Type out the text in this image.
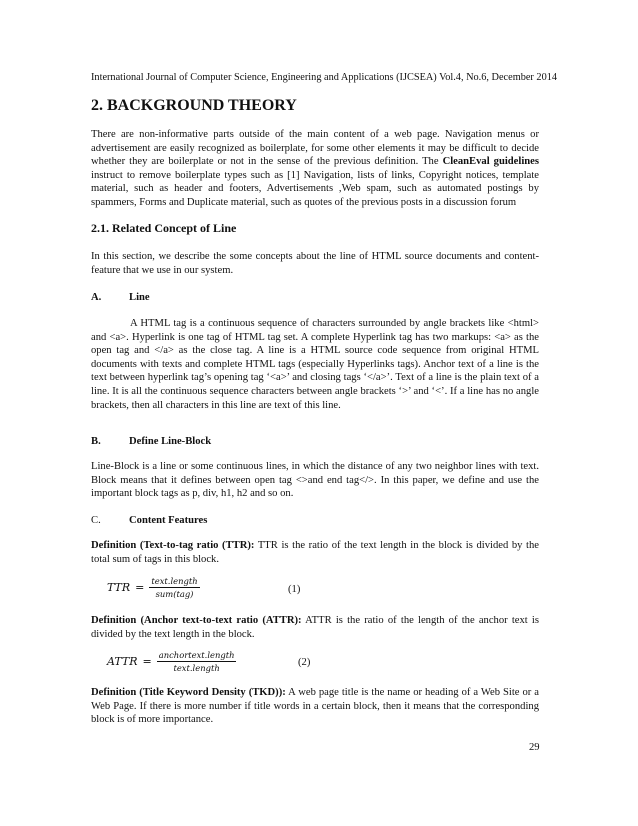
International Journal of Computer Science, Engineering and Applications (IJCSEA) Vol.4, No.6, December 2014
2. BACKGROUND THEORY

There are non-informative parts outside of the main content of a web page. Navigation menus or advertisement are easily recognized as boilerplate, for some other elements it may be difficult to decide whether they are boilerplate or not in the sense of the previous definition. The CleanEval guidelines instruct to remove boilerplate types such as [1] Navigation, lists of links, Copyright notices, template material, such as header and footers, Advertisements ,Web spam, such as automated postings by spammers, Forms and Duplicate material, such as quotes of the previous posts in a discussion forum

2.1. Related Concept of Line

In this section, we describe the some concepts about the line of HTML source documents and content-feature that we use in our system.

A.	Line

A HTML tag is a continuous sequence of characters surrounded by angle brackets like <html> and <a>. Hyperlink is one tag of HTML tag set. A complete Hyperlink tag has two markups: <a> as the open tag and </a> as the close tag. A line is a HTML source code sequence from original HTML documents with texts and complete HTML tags (especially Hyperlinks tags). Anchor text of a line is the text between hyperlink tag’s opening tag ‘<a>’ and closing tags ‘</a>’. Text of a line is the plain text of a line. It is all the continuous sequence characters between angle brackets ‘>’ and ‘<’. If a line has no angle brackets, then all characters in this line are text of this line.

B.	Define Line-Block

Line-Block is a line or some continuous lines, in which the distance of any two neighbor lines with text. Block means that it defines between open tag <>and end tag</>. In this paper, we define and use the important block tags as p, div, h1, h2 and so on.

C.	Content Features

Definition (Text-to-tag ratio (TTR): TTR is the ratio of the text length in the block is divided by the total sum of tags in this block.

TTR = $\frac{\text{text.length}}{\text{sum(tag)}}$	(1)

Definition (Anchor text-to-text ratio (ATTR): ATTR is the ratio of the length of the anchor text is divided by the text length in the block.

ATTR = $\frac{\text{anchortext.length}}{\text{text.length}}$	(2)

Definition (Title Keyword Density (TKD)): A web page title is the name or heading of a Web Site or a Web Page. If there is more number if title words in a certain block, then it means that the corresponding block is of more importance.

29
